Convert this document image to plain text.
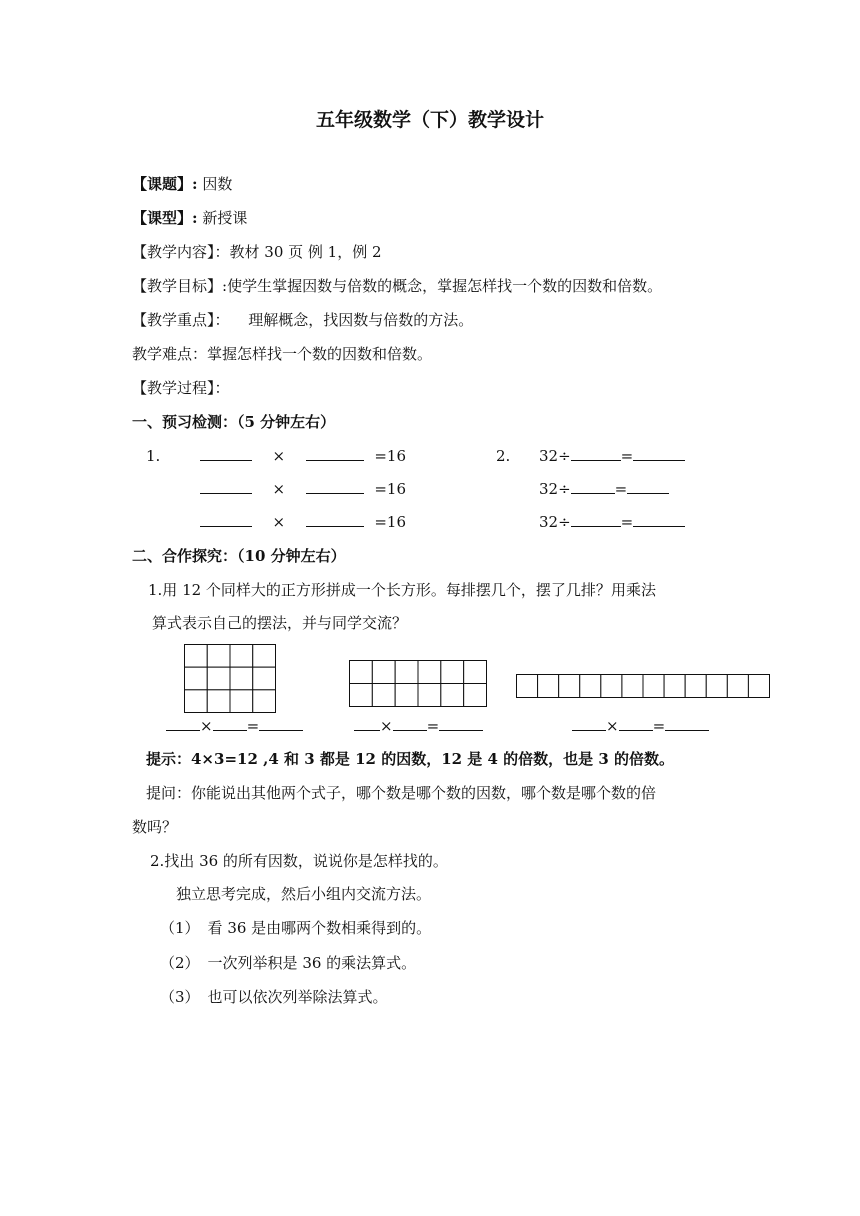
五年级数学（下）教学设计
【课题】: 因数
【课型】: 新授课
【教学内容】：教材 30 页 例 1，例 2
【教学目标】:使学生掌握因数与倍数的概念，掌握怎样找一个数的因数和倍数。
【教学重点】： 理解概念，找因数与倍数的方法。
教学难点：掌握怎样找一个数的因数和倍数。
【教学过程】：
一、预习检测：（5 分钟左右）
1.	×	=16
×	=16
×	=16
2. 32÷	=
32÷	=
32÷	=
二、合作探究：（10 分钟左右）
1.用 12 个同样大的正方形拼成一个长方形。每排摆几个，摆了几排？用乘法
算式表示自己的摆法，并与同学交流？
× =	× =	× =
提示：4×3=12 ,4 和 3 都是 12 的因数，12 是 4 的倍数，也是 3 的倍数。
提问：你能说出其他两个式子，哪个数是哪个数的因数，哪个数是哪个数的倍
数吗？
2.找出 36 的所有因数，说说你是怎样找的。
独立思考完成，然后小组内交流方法。
（1） 看 36 是由哪两个数相乘得到的。
（2） 一次列举积是 36 的乘法算式。
（3） 也可以依次列举除法算式。
